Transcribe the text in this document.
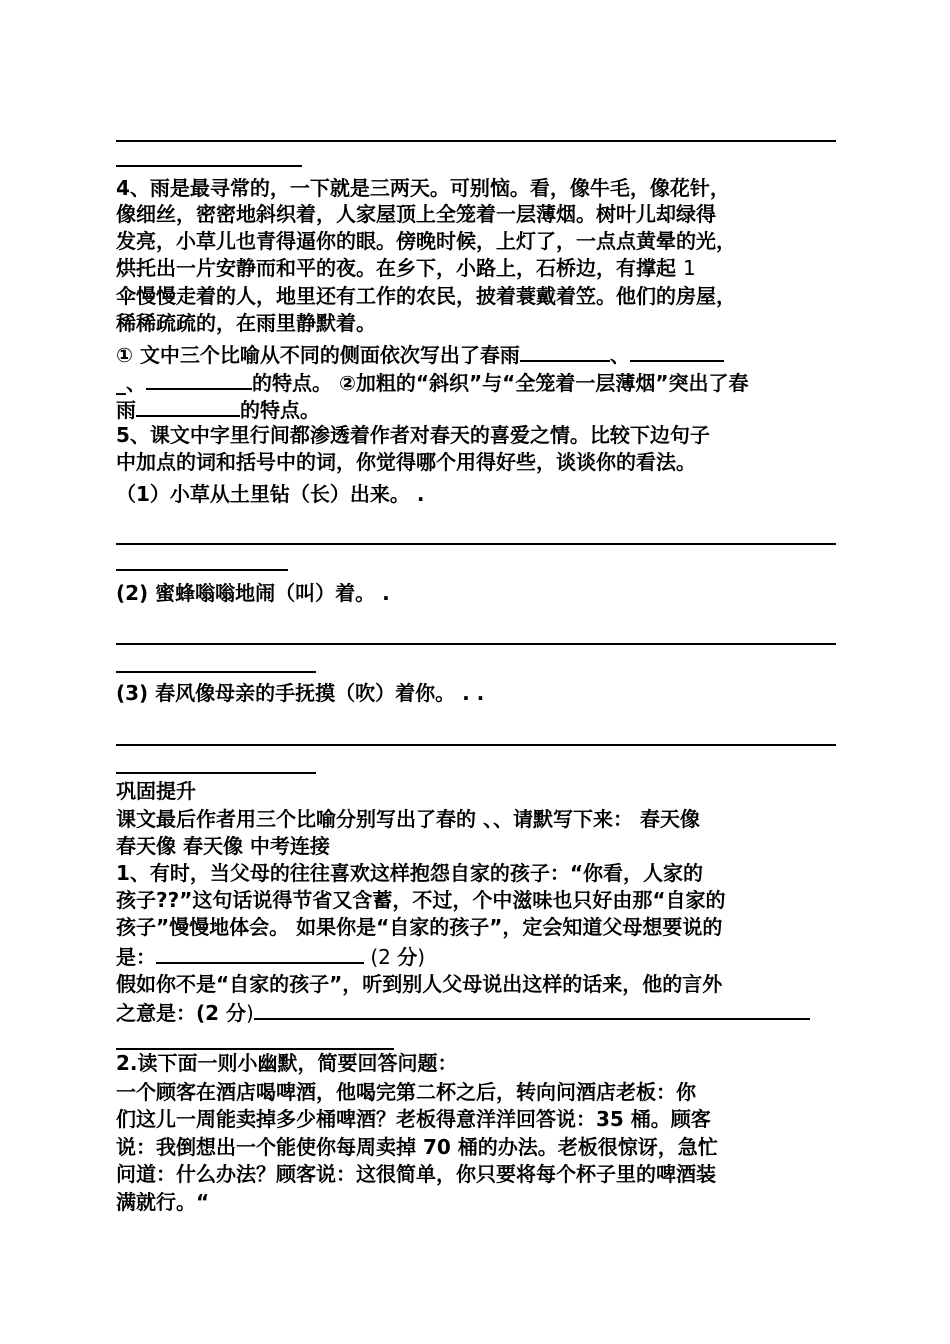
4、雨是最寻常的，一下就是三两天。可别恼。看，像牛毛，像花针，
像细丝，密密地斜织着，人家屋顶上全笼着一层薄烟。树叶儿却绿得
发亮，小草儿也青得逼你的眼。傍晚时候，上灯了，一点点黄晕的光，
烘托出一片安静而和平的夜。在乡下，小路上，石桥边，有撑起 1
伞慢慢走着的人，地里还有工作的农民，披着蓑戴着笠。他们的房屋，
稀稀疏疏的，在雨里静默着。
① 文中三个比喻从不同的侧面依次写出了春雨	、
_、	的特点。 ②加粗的“斜织”与“全笼着一层薄烟”突出了春
雨	的特点。
5、课文中字里行间都渗透着作者对春天的喜爱之情。比较下边句子
中加点的词和括号中的词，你觉得哪个用得好些，谈谈你的看法。
（1）小草从土里钻（长）出来。 .
(2) 蜜蜂嗡嗡地闹（叫）着。 .
(3) 春风像母亲的手抚摸（吹）着你。 . .
巩固提升
课文最后作者用三个比喻分别写出了春的 、、请默写下来： 春天像
春天像 春天像 中考连接
1、有时，当父母的往往喜欢这样抱怨自家的孩子：“你看，人家的
孩子??”这句话说得节省又含蓄，不过，个中滋味也只好由那“自家的
孩子”慢慢地体会。 如果你是“自家的孩子”，定会知道父母想要说的
是：	(2 分)
假如你不是“自家的孩子”，听到别人父母说出这样的话来，他的言外
之意是：(2 分)
2.读下面一则小幽默，简要回答问题：
一个顾客在酒店喝啤酒，他喝完第二杯之后，转向问酒店老板：你
们这儿一周能卖掉多少桶啤酒？老板得意洋洋回答说：35 桶。顾客
说：我倒想出一个能使你每周卖掉 70 桶的办法。老板很惊讶，急忙
问道：什么办法？顾客说：这很简单，你只要将每个杯子里的啤酒装
满就行。“
